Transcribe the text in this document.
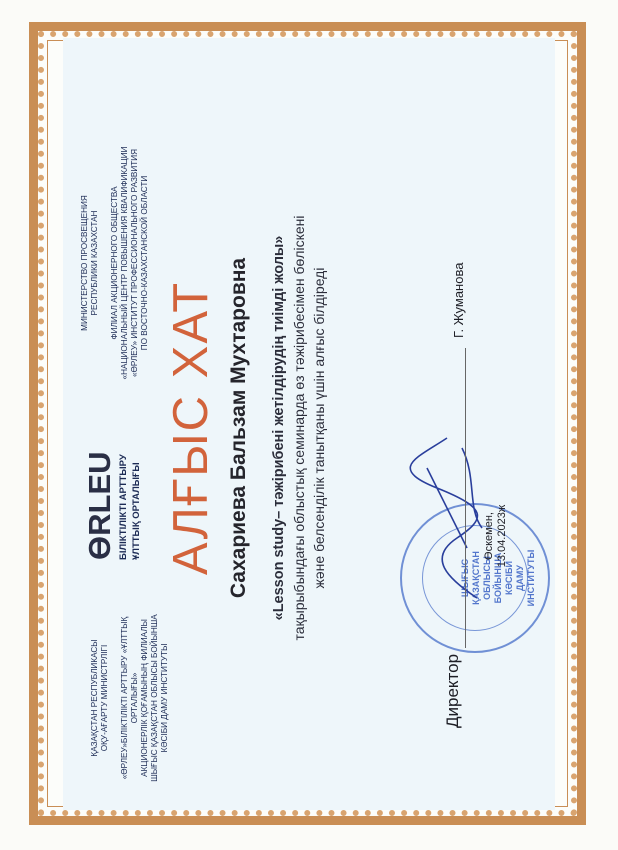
ҚАЗАҚСТАН РЕСПУБЛИКАСЫ ОҚУ-АҒАРТУ МИНИСТРЛІГІ «ӨРЛЕУ»БІЛІКТІЛІКТІ АРТТЫРУ «ҰЛТТЫҚ ОРТАЛЫҒЫ» АКЦИОНЕРЛІК ҚОҒАМЫНЫҢ ФИЛИАЛЫ ШЫҒЫС ҚАЗАҚСТАН ОБЛЫСЫ БОЙЫНША КӘСІБИ ДАМУ ИНСТИТУТЫ
ӨRLEU БІЛІКТІЛІКТІ АРТТЫРУ ҰЛТТЫҚ ОРТАЛЫҒЫ
МИНИСТЕРСТВО ПРОСВЕЩЕНИЯ РЕСПУБЛИКИ КАЗАХСТАН ФИЛИАЛ АКЦИОНЕРНОГО ОБЩЕСТВА «НАЦИОНАЛЬНЫЙ ЦЕНТР ПОВЫШЕНИЯ КВАЛИФИКАЦИИ «ӨРЛЕУ» ИНСТИТУТ ПРОФЕССИОНАЛЬНОГО РАЗВИТИЯ ПО ВОСТОЧНО-КАЗАХСТАНСКОЙ ОБЛАСТИ
АЛҒЫС ХАТ Сахариева Бальзам Мухтаровна «Lesson study– тәжірибені жетілдірудің тиімді жолы» тақырыбындағы облыстық семинарда өз тәжірибесімен бөліскені және белсенділік танытқаны үшін алғыс білдіреді	ШЫҒЫС ҚАЗАҚСТАН ОБЛЫСЫ БОЙЫНША КӘСІБИ ДАМУ ИНСТИТУТЫ
Директор
Г. Жуманова
Өскемен, 13.04.2023ж
